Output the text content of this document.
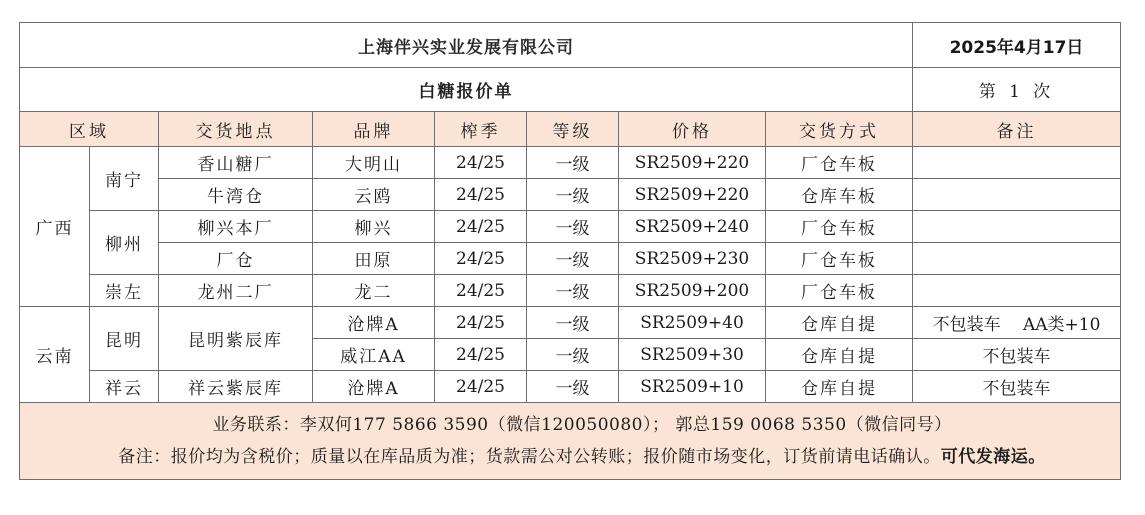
上海伴兴实业发展有限公司								2025年4月17日
白糖报价单								第 1 次
区域		交货地点	品牌	榨季	等级	价格	交货方式	备注
广西	南宁	香山糖厂	大明山	24/25	一级	SR2509+220	厂仓车板	
		牛湾仓	云鸥	24/25	一级	SR2509+220	仓库车板	
	柳州	柳兴本厂	柳兴	24/25	一级	SR2509+240	厂仓车板	
		厂仓	田原	24/25	一级	SR2509+230	厂仓车板	
	崇左	龙州二厂	龙二	24/25	一级	SR2509+200	厂仓车板	
云南	昆明	昆明紫辰库	沧牌A	24/25	一级	SR2509+40	仓库自提	不包装车　 AA类+10
			威江AA	24/25	一级	SR2509+30	仓库自提	不包装车
	祥云	祥云紫辰库	沧牌A	24/25	一级	SR2509+10	仓库自提	不包装车

业务联系：李双何177 5866 3590（微信120050080）； 郭总159 0068 5350（微信同号）
备注：报价均为含税价；质量以在库品质为准；货款需公对公转账；报价随市场变化，订货前请电话确认。可代发海运。								
